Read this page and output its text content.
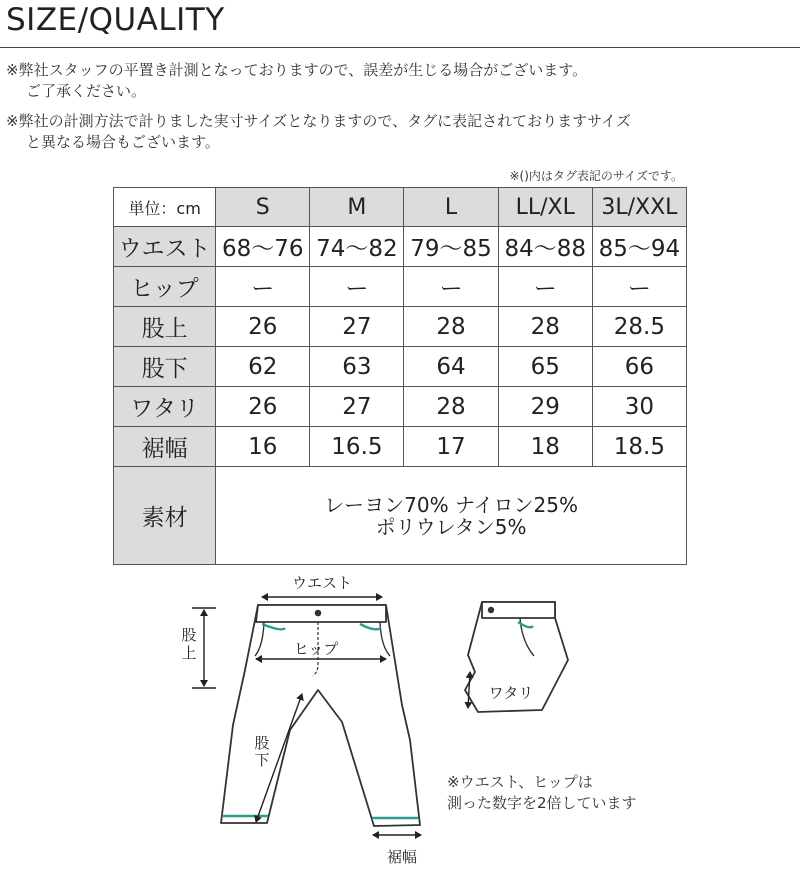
SIZE/QUALITY

※弊社スタッフの平置き計測となっておりますので、誤差が生じる場合がございます。
ご了承ください。

※弊社の計測方法で計りました実寸サイズとなりますので、タグに表記されておりますサイズ
と異なる場合もございます。

※()内はタグ表記のサイズです。
単位：cm	S	M	L	LL/XL	3L/XXL
ウエスト	68〜76	74〜82	79〜85	84〜88	85〜94
ヒップ	ー	ー	ー	ー	ー
股上	26	27	28	28	28.5
股下	62	63	64	65	66
ワタリ	26	27	28	29	30
裾幅	16	16.5	17	18	18.5
素材	レーヨン70% ナイロン25%
ポリウレタン5%				
ウエスト
股
上	ヒップ
股
下
裾幅
ワタリ

※ウエスト、ヒップは
測った数字を2倍しています
